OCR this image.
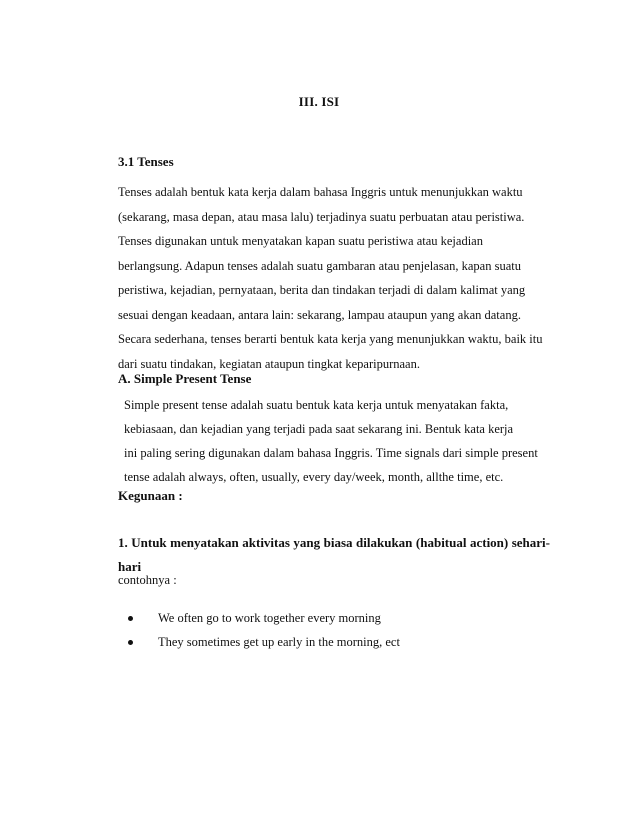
III. ISI
3.1 Tenses

Tenses adalah bentuk kata kerja dalam bahasa Inggris untuk menunjukkan waktu

(sekarang, masa depan, atau masa lalu) terjadinya suatu perbuatan atau peristiwa.

Tenses digunakan untuk menyatakan kapan suatu peristiwa atau kejadian

berlangsung. Adapun tenses adalah suatu gambaran atau penjelasan, kapan suatu

peristiwa, kejadian, pernyataan, berita dan tindakan terjadi di dalam kalimat yang

sesuai dengan keadaan, antara lain: sekarang, lampau ataupun yang akan datang.

Secara sederhana, tenses berarti bentuk kata kerja yang menunjukkan waktu, baik itu

dari suatu tindakan, kegiatan ataupun tingkat keparipurnaan.

A. Simple Present Tense

Simple present tense adalah suatu bentuk kata kerja untuk menyatakan fakta,

kebiasaan, dan kejadian yang terjadi pada saat sekarang ini. Bentuk kata kerja

ini paling sering digunakan dalam bahasa Inggris. Time signals dari simple present

tense adalah always, often, usually, every day/week, month, allthe time, etc.

Kegunaan :

1. Untuk menyatakan aktivitas yang biasa dilakukan (habitual action) sehari-

hari

contohnya :
We often go to work together every morning
They sometimes get up early in the morning, ect
